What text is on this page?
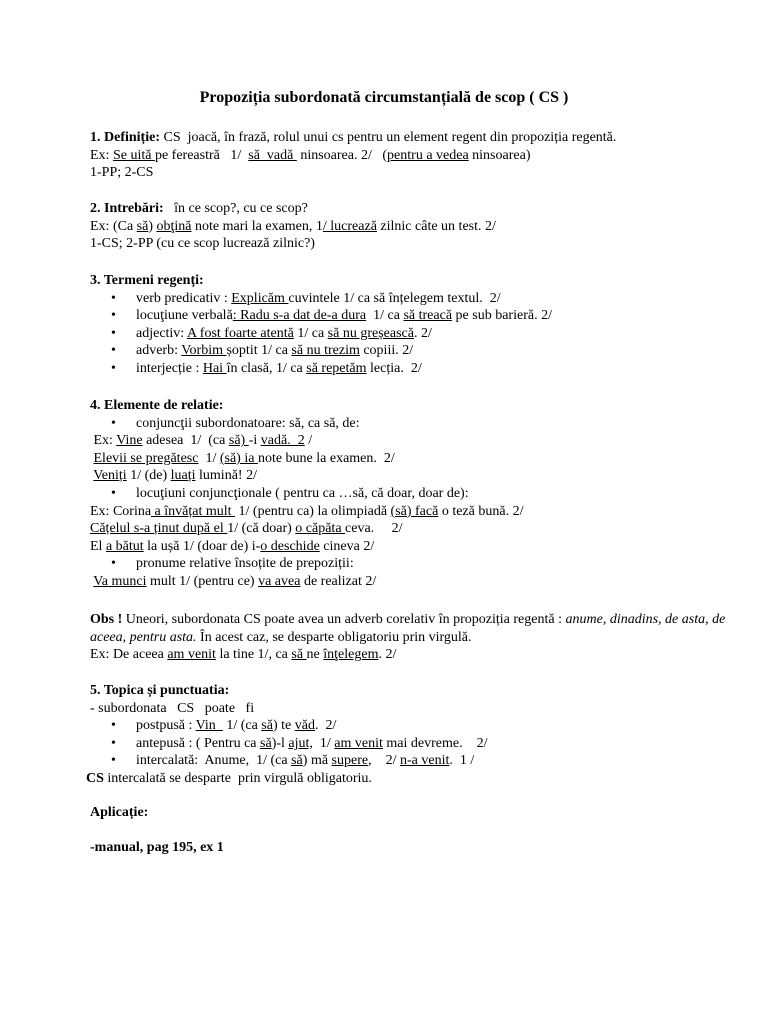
Propoziția subordonată circumstanțială de scop ( CS )
1. Definiție: CS  joacă, în frază, rolul unui cs pentru un element regent din propoziția regentă.
Ex: Se uită pe fereastră   1/  să  vadă  ninsoarea. 2/   (pentru a vedea ninsoarea)
1-PP; 2-CS
2. Intrebări:   în ce scop?, cu ce scop?
Ex: (Ca să) obţină note mari la examen, 1/ lucrează zilnic câte un test. 2/
1-CS; 2-PP (cu ce scop lucrează zilnic?)
3. Termeni regenți:
• verb predicativ : Explicăm cuvintele 1/ ca să înțelegem textul.  2/
• locuţiune verbală: Radu s-a dat de-a dura  1/ ca să treacă pe sub barieră. 2/
• adjectiv: A fost foarte atentă 1/ ca să nu greșească. 2/
• adverb: Vorbim șoptit 1/ ca să nu trezim copiii. 2/
• interjecție : Hai în clasă, 1/ ca să repetăm lecția.  2/
4. Elemente de relatie:
• conjuncţii subordonatoare: să, ca să, de:
Ex: Vine adesea  1/  (ca să) -i vadă.  2 /
Elevii se pregătesc  1/ (să) ia note bune la examen.  2/
Veniți 1/ (de) luați lumină! 2/
• locuţiuni conjuncţionale ( pentru ca …să, că doar, doar de):
Ex: Corina a învățat mult  1/ (pentru ca) la olimpiadă (să) facă o teză bună. 2/
Cățelul s-a ținut după el 1/ (că doar) o căpăta ceva.     2/
El a bătut la ușă 1/ (doar de) i-o deschide cineva 2/
• pronume relative însoțite de prepoziții:
Va munci mult 1/ (pentru ce) va avea de realizat 2/
Obs ! Uneori, subordonata CS poate avea un adverb corelativ în propoziția regentă : anume, dinadins, de asta, de aceea, pentru asta. În acest caz, se desparte obligatoriu prin virgulă.
Ex: De aceea am venit la tine 1/, ca să ne înţelegem. 2/
5. Topica și punctuatia:
- subordonata   CS   poate   fi
• postpusă : Vin   1/ (ca să) te văd.  2/
• antepusă : ( Pentru ca să)-l ajut,  1/ am venit mai devreme.    2/
• intercalată:  Anume,  1/ (ca să) mă supere,    2/ n-a venit.  1 /
CS intercalată se desparte  prin virgulă obligatoriu.
Aplicație:
-manual, pag 195, ex 1
